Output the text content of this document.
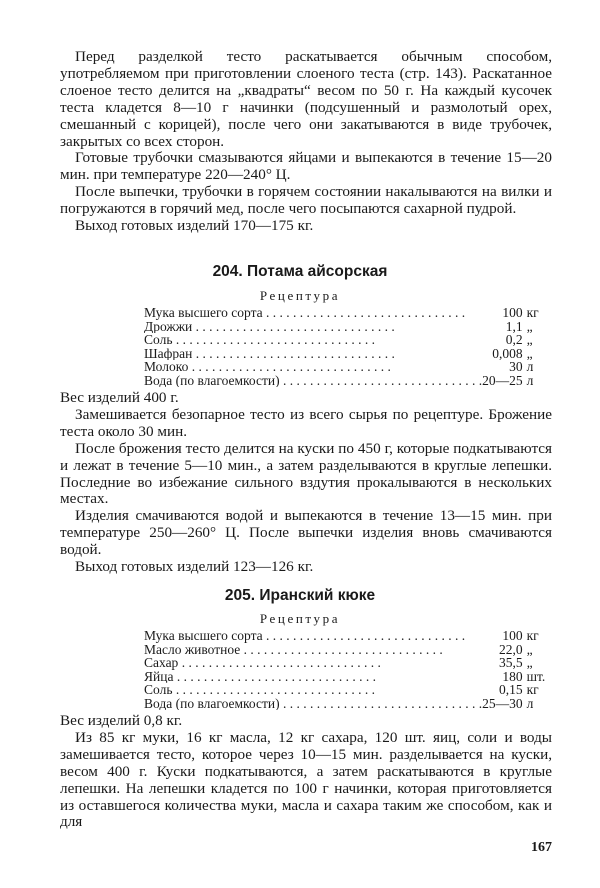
Перед разделкой тесто раскатывается обычным способом, употребляемом при приготовлении слоеного теста (стр. 143). Раскатанное слоеное тесто делится на „квадраты“ весом по 50 г. На каждый кусочек теста кладется 8—10 г начинки (подсушенный и размолотый орех, смешанный с корицей), после чего они закатываются в виде трубочек, закрытых со всех сторон.

Готовые трубочки смазываются яйцами и выпекаются в течение 15—20 мин. при температуре 220—240° Ц.

После выпечки, трубочки в горячем состоянии накалываются на вилки и погружаются в горячий мед, после чего посыпаются сахарной пудрой.

Выход готовых изделий 170—175 кг.

204. Потама айсорская
Рецептура
Мука высшего сорта . . .	100	кг
Дрожжи . . .	1,1	„
Соль . . .	0,2	„
Шафран . . .	0,008	„
Молоко . . .	30	л
Вода (по влагоемкости) . . .	20—25	л

Вес изделий 400 г.

Замешивается безопарное тесто из всего сырья по рецептуре. Брожение теста около 30 мин.

После брожения тесто делится на куски по 450 г, которые подкатываются и лежат в течение 5—10 мин., а затем разделываются в круглые лепешки. Последние во избежание сильного вздутия прокалываются в нескольких местах.

Изделия смачиваются водой и выпекаются в течение 13—15 мин. при температуре 250—260° Ц. После выпечки изделия вновь смачиваются водой.

Выход готовых изделий 123—126 кг.

205. Иранский кюке
Рецептура
Мука высшего сорта . . .	100	кг
Масло животное . . .	22,0	„
Сахар . . .	35,5	„
Яйца . . .	180	шт.
Соль . . .	0,15	кг
Вода (по влагоемкости) . . .	25—30	л

Вес изделий 0,8 кг.

Из 85 кг муки, 16 кг масла, 12 кг сахара, 120 шт. яиц, соли и воды замешивается тесто, которое через 10—15 мин. разделывается на куски, весом 400 г. Куски подкатываются, а затем раскатываются в круглые лепешки. На лепешки кладется по 100 г начинки, которая приготовляется из оставшегося количества муки, масла и сахара таким же способом, как и для

167
